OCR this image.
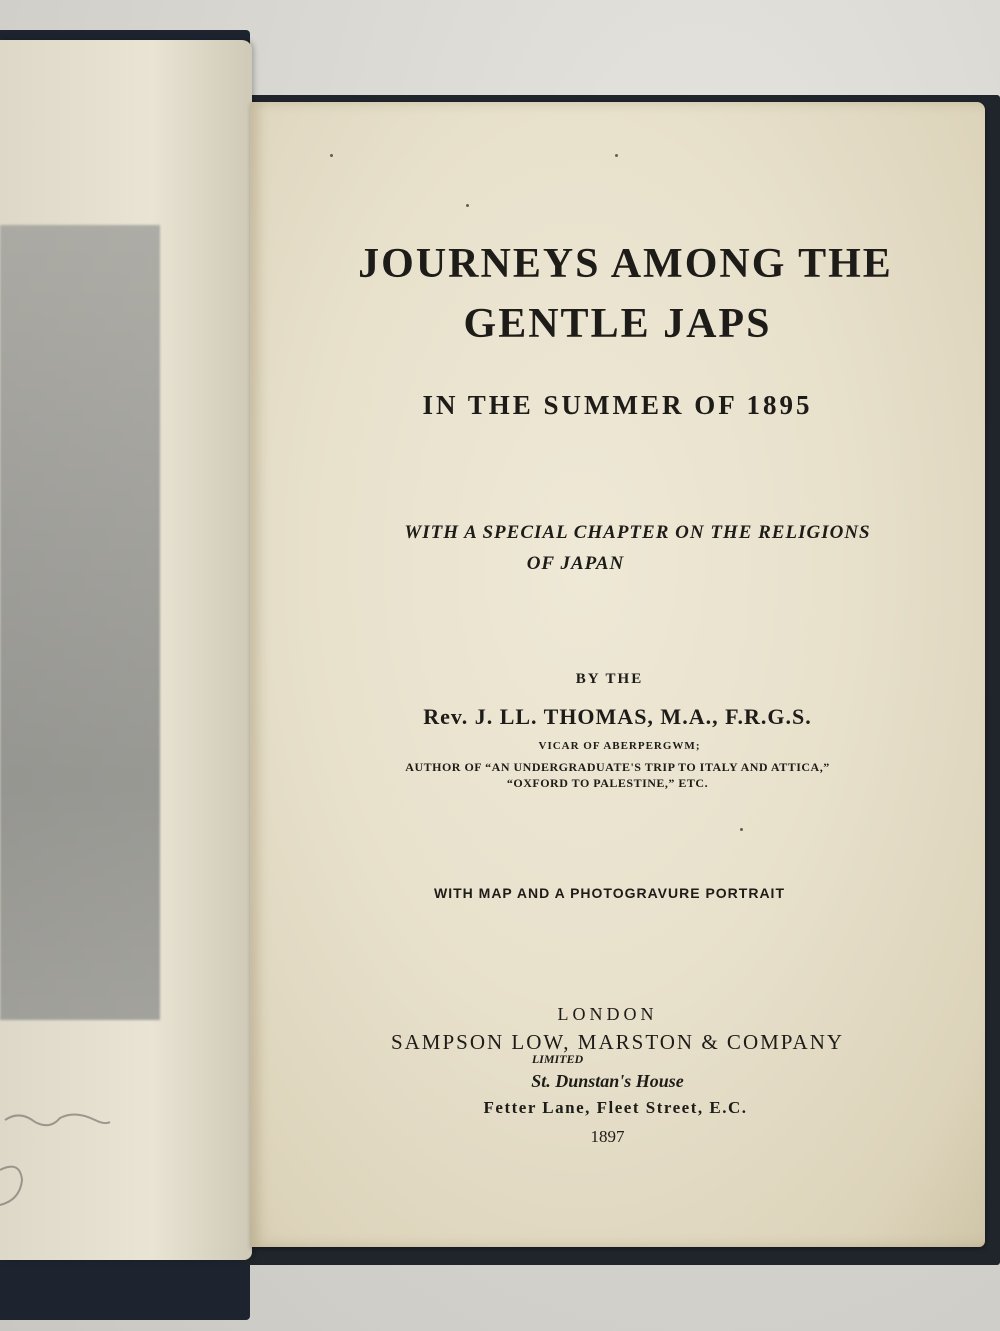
JOURNEYS AMONG THE

GENTLE JAPS

IN THE SUMMER OF 1895

WITH A SPECIAL CHAPTER ON THE RELIGIONS

OF JAPAN

BY THE

Rev. J. LL. THOMAS, M.A., F.R.G.S.

VICAR OF ABERPERGWM;

AUTHOR OF “AN UNDERGRADUATE'S TRIP TO ITALY AND ATTICA,”

“OXFORD TO PALESTINE,” ETC.

WITH MAP AND A PHOTOGRAVURE PORTRAIT

LONDON

SAMPSON LOW, MARSTON & COMPANY

LIMITED

St. Dunstan's House

Fetter Lane, Fleet Street, E.C.

1897
